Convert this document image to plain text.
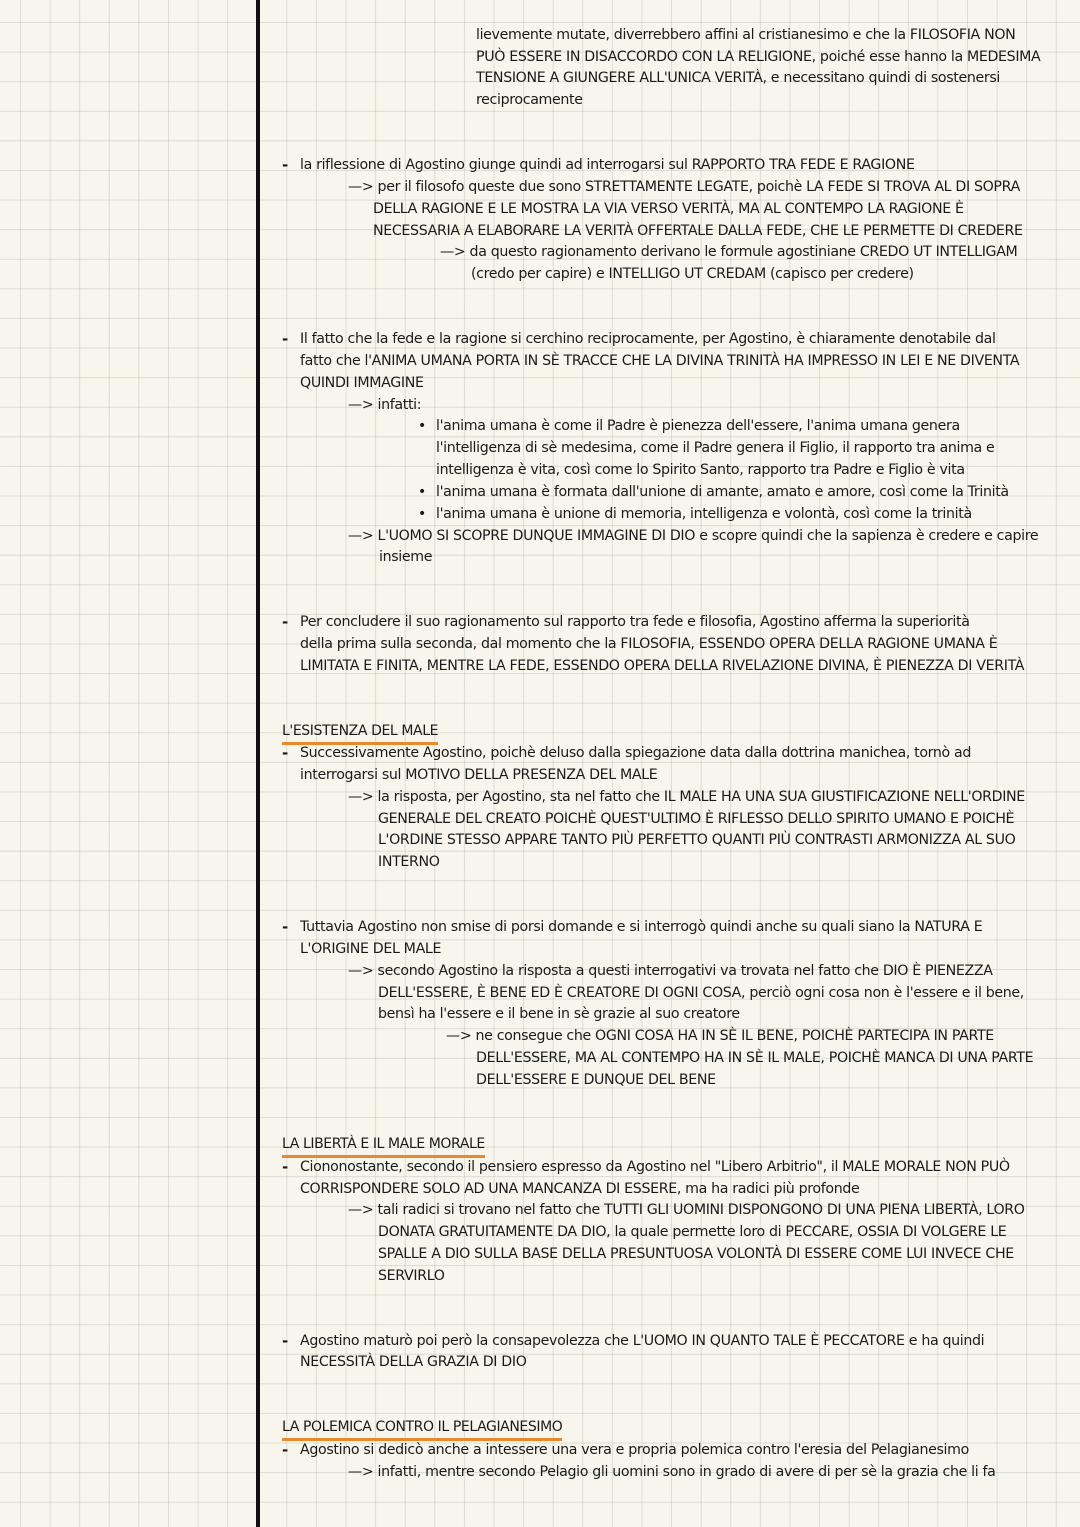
lievemente mutate, diverrebbero affini al cristianesimo e che la FILOSOFIA NON
PUÒ ESSERE IN DISACCORDO CON LA RELIGIONE, poiché esse hanno la MEDESIMA
TENSIONE A GIUNGERE ALL'UNICA VERITÀ, e necessitano quindi di sostenersi
reciprocamente
- la riflessione di Agostino giunge quindi ad interrogarsi sul RAPPORTO TRA FEDE E RAGIONE
—> per il filosofo queste due sono STRETTAMENTE LEGATE, poichè LA FEDE SI TROVA AL DI SOPRA
DELLA RAGIONE E LE MOSTRA LA VIA VERSO VERITÀ, MA AL CONTEMPO LA RAGIONE È
NECESSARIA A ELABORARE LA VERITÀ OFFERTALE DALLA FEDE, CHE LE PERMETTE DI CREDERE
—> da questo ragionamento derivano le formule agostiniane CREDO UT INTELLIGAM
(credo per capire) e INTELLIGO UT CREDAM (capisco per credere)
- Il fatto che la fede e la ragione si cerchino reciprocamente, per Agostino, è chiaramente denotabile dal
fatto che l'ANIMA UMANA PORTA IN SÈ TRACCE CHE LA DIVINA TRINITÀ HA IMPRESSO IN LEI E NE DIVENTA
QUINDI IMMAGINE
—> infatti:
• l'anima umana è come il Padre è pienezza dell'essere, l'anima umana genera
l'intelligenza di sè medesima, come il Padre genera il Figlio, il rapporto tra anima e
intelligenza è vita, così come lo Spirito Santo, rapporto tra Padre e Figlio è vita
• l'anima umana è formata dall'unione di amante, amato e amore, così come la Trinità
• l'anima umana è unione di memoria, intelligenza e volontà, così come la trinità
—> L'UOMO SI SCOPRE DUNQUE IMMAGINE DI DIO e scopre quindi che la sapienza è credere e capire
insieme
- Per concludere il suo ragionamento sul rapporto tra fede e filosofia, Agostino afferma la superiorità
della prima sulla seconda, dal momento che la FILOSOFIA, ESSENDO OPERA DELLA RAGIONE UMANA È
LIMITATA E FINITA, MENTRE LA FEDE, ESSENDO OPERA DELLA RIVELAZIONE DIVINA, È PIENEZZA DI VERITÀ
L'ESISTENZA DEL MALE
- Successivamente Agostino, poichè deluso dalla spiegazione data dalla dottrina manichea, tornò ad
interrogarsi sul MOTIVO DELLA PRESENZA DEL MALE
—> la risposta, per Agostino, sta nel fatto che IL MALE HA UNA SUA GIUSTIFICAZIONE NELL'ORDINE
GENERALE DEL CREATO POICHÈ QUEST'ULTIMO È RIFLESSO DELLO SPIRITO UMANO E POICHÈ
L'ORDINE STESSO APPARE TANTO PIÙ PERFETTO QUANTI PIÙ CONTRASTI ARMONIZZA AL SUO
INTERNO
- Tuttavia Agostino non smise di porsi domande e si interrogò quindi anche su quali siano la NATURA E
L'ORIGINE DEL MALE
—> secondo Agostino la risposta a questi interrogativi va trovata nel fatto che DIO È PIENEZZA
DELL'ESSERE, È BENE ED È CREATORE DI OGNI COSA, perciò ogni cosa non è l'essere e il bene,
bensì ha l'essere e il bene in sè grazie al suo creatore
—> ne consegue che OGNI COSA HA IN SÈ IL BENE, POICHÈ PARTECIPA IN PARTE
DELL'ESSERE, MA AL CONTEMPO HA IN SÈ IL MALE, POICHÈ MANCA DI UNA PARTE
DELL'ESSERE E DUNQUE DEL BENE
LA LIBERTÀ E IL MALE MORALE
- Ciononostante, secondo il pensiero espresso da Agostino nel "Libero Arbitrio", il MALE MORALE NON PUÒ
CORRISPONDERE SOLO AD UNA MANCANZA DI ESSERE, ma ha radici più profonde
—> tali radici si trovano nel fatto che TUTTI GLI UOMINI DISPONGONO DI UNA PIENA LIBERTÀ, LORO
DONATA GRATUITAMENTE DA DIO, la quale permette loro di PECCARE, OSSIA DI VOLGERE LE
SPALLE A DIO SULLA BASE DELLA PRESUNTUOSA VOLONTÀ DI ESSERE COME LUI INVECE CHE
SERVIRLO
- Agostino maturò poi però la consapevolezza che L'UOMO IN QUANTO TALE È PECCATORE e ha quindi
NECESSITÀ DELLA GRAZIA DI DIO
LA POLEMICA CONTRO IL PELAGIANESIMO
- Agostino si dedicò anche a intessere una vera e propria polemica contro l'eresia del Pelagianesimo
—> infatti, mentre secondo Pelagio gli uomini sono in grado di avere di per sè la grazia che li fa
